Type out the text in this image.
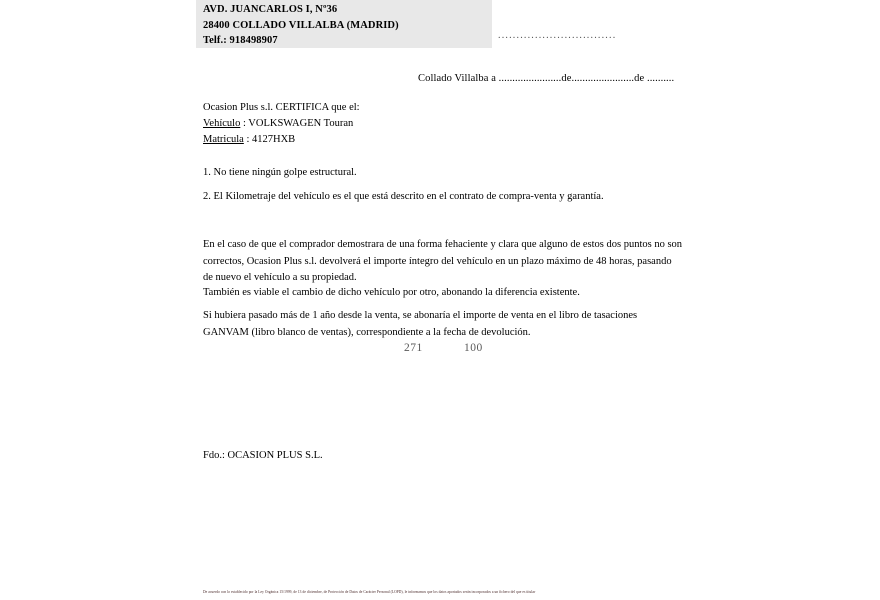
AVD. JUANCARLOS I, Nº36
28400 COLLADO VILLALBA (MADRID)
Telf.: 918498907	................................
Collado Villalba a .......................de.......................de ..........
Ocasion Plus s.l. CERTIFICA que el:
Vehículo : VOLKSWAGEN Touran
Matricula : 4127HXB
1. No tiene ningún golpe estructural.
2. El Kilometraje del vehículo es el que está descrito en el contrato de compra-venta y garantía.
En el caso de que el comprador demostrara de una forma fehaciente y clara que alguno de estos dos puntos no son correctos, Ocasion Plus s.l. devolverá el importe íntegro del vehículo en un plazo máximo de 48 horas, pasando de nuevo el vehículo a su propiedad.
También es viable el cambio de dicho vehículo por otro, abonando la diferencia existente.
Si hubiera pasado más de 1 año desde la venta, se abonaría el importe de venta en el libro de tasaciones GANVAM (libro blanco de ventas), correspondiente a la fecha de devolución.
271	100
Fdo.: OCASION PLUS S.L.
De acuerdo con lo establecido por la Ley Orgánica 15/1999, de 13 de diciembre, de Protección de Datos de Carácter Personal (LOPD), le informamos que los datos aportados serán incorporados a un fichero del que es titular
